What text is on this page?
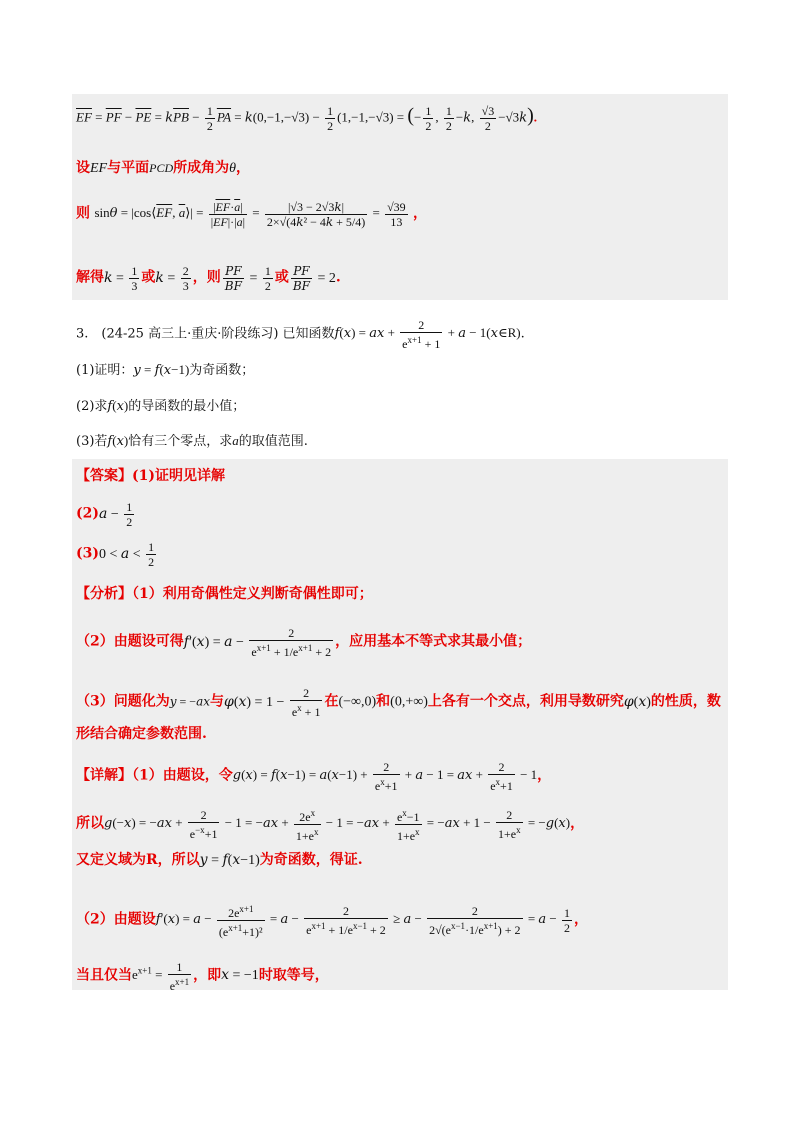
$\overline{EF} = \overline{PF} - \overline{PE} = k\overline{PB} - \frac{1}{2} \overline{PA} = k(0,-1,-√3) - \frac{1}{2} (1,-1,-√3)$ = (− $\frac{1}{2}$ , $\frac{1}{2} -k$, $\frac{√3}{2} -√3k$).
设EF与平面PCD所成角为θ，
则 $\sin\theta = |\cos⟨\overline{EF}$, $\overline{a}⟩| = \frac{|\overline{EF}\cdot\overline{a}|}{|\overline{EF}|\cdot|\overline{a}|} = \frac{|√3 - 2√3k|}{\text{2×√(4k² − 4k + 5/4)}} = \frac{√39}{13}$ ，
解得$k = \frac{1}{3}$ 或$k = \frac{2}{3}$ ，则 $\frac{PF}{BF} = \frac{1}{2}$ 或 $\frac{PF}{BF} = 2$.
3.　(24-25 高三上·重庆·阶段练习) 已知函数f(x) = ax + $\frac{2}{e^{x+1} + 1} + a$ − 1(x∈R).
(1)证明：y = f(x−1)为奇函数；
(2)求f(x)的导函数的最小值；
(3)若f(x)恰有三个零点，求a的取值范围.
【答案】(1)证明见详解
$(2)a - \frac{1}{2}$
$(3)0 < a < \frac{1}{2}$
【分析】（1）利用奇偶性定义判断奇偶性即可；
（2）由题设可得$f'(x) = a - \frac{2}{e^{x+1} + 1/e^{x+1} + 2}$ ，应用基本不等式求其最小值；
（3）问题化为y = −ax与$\varphi(x) = 1 - \frac{2}{e^x + 1}$ 在(−∞,0)和(0,+∞)上各有一个交点，利用导数研究φ(x)的性质，数
形结合确定参数范围.
【详解】（1）由题设，令$g(x) = f(x-1) = a(x-1) + \frac{2}{e^x+1} + a - 1$ = ax + $\frac{2}{e^x+1} - 1$，
所以$g(-x) = -ax + \frac{2}{e^{-x}+1} - 1 = -ax + \frac{2e^x}{1+e^x} - 1 = -ax + \frac{e^x-1}{1+e^x} = -ax + 1 - \frac{2}{1+e^x} = -g(x)$，
又定义域为R，所以y = f(x−1)为奇函数，得证.
（2）由题设$f'(x) = a - \frac{2e^{x+1}}{(e^{x+1}+1)^2} = a - \frac{2}{e^{x+1} + 1/e^{x-1} + 2} \ge a - \frac{2}{2√(e^{x-1}\cdot 1/e^{x+1}) + 2} = a - \frac{1}{2}$ ，
当且仅当$e^{x+1} = \frac{1}{e^{x+1}}$ ，即x = −1时取等号，
